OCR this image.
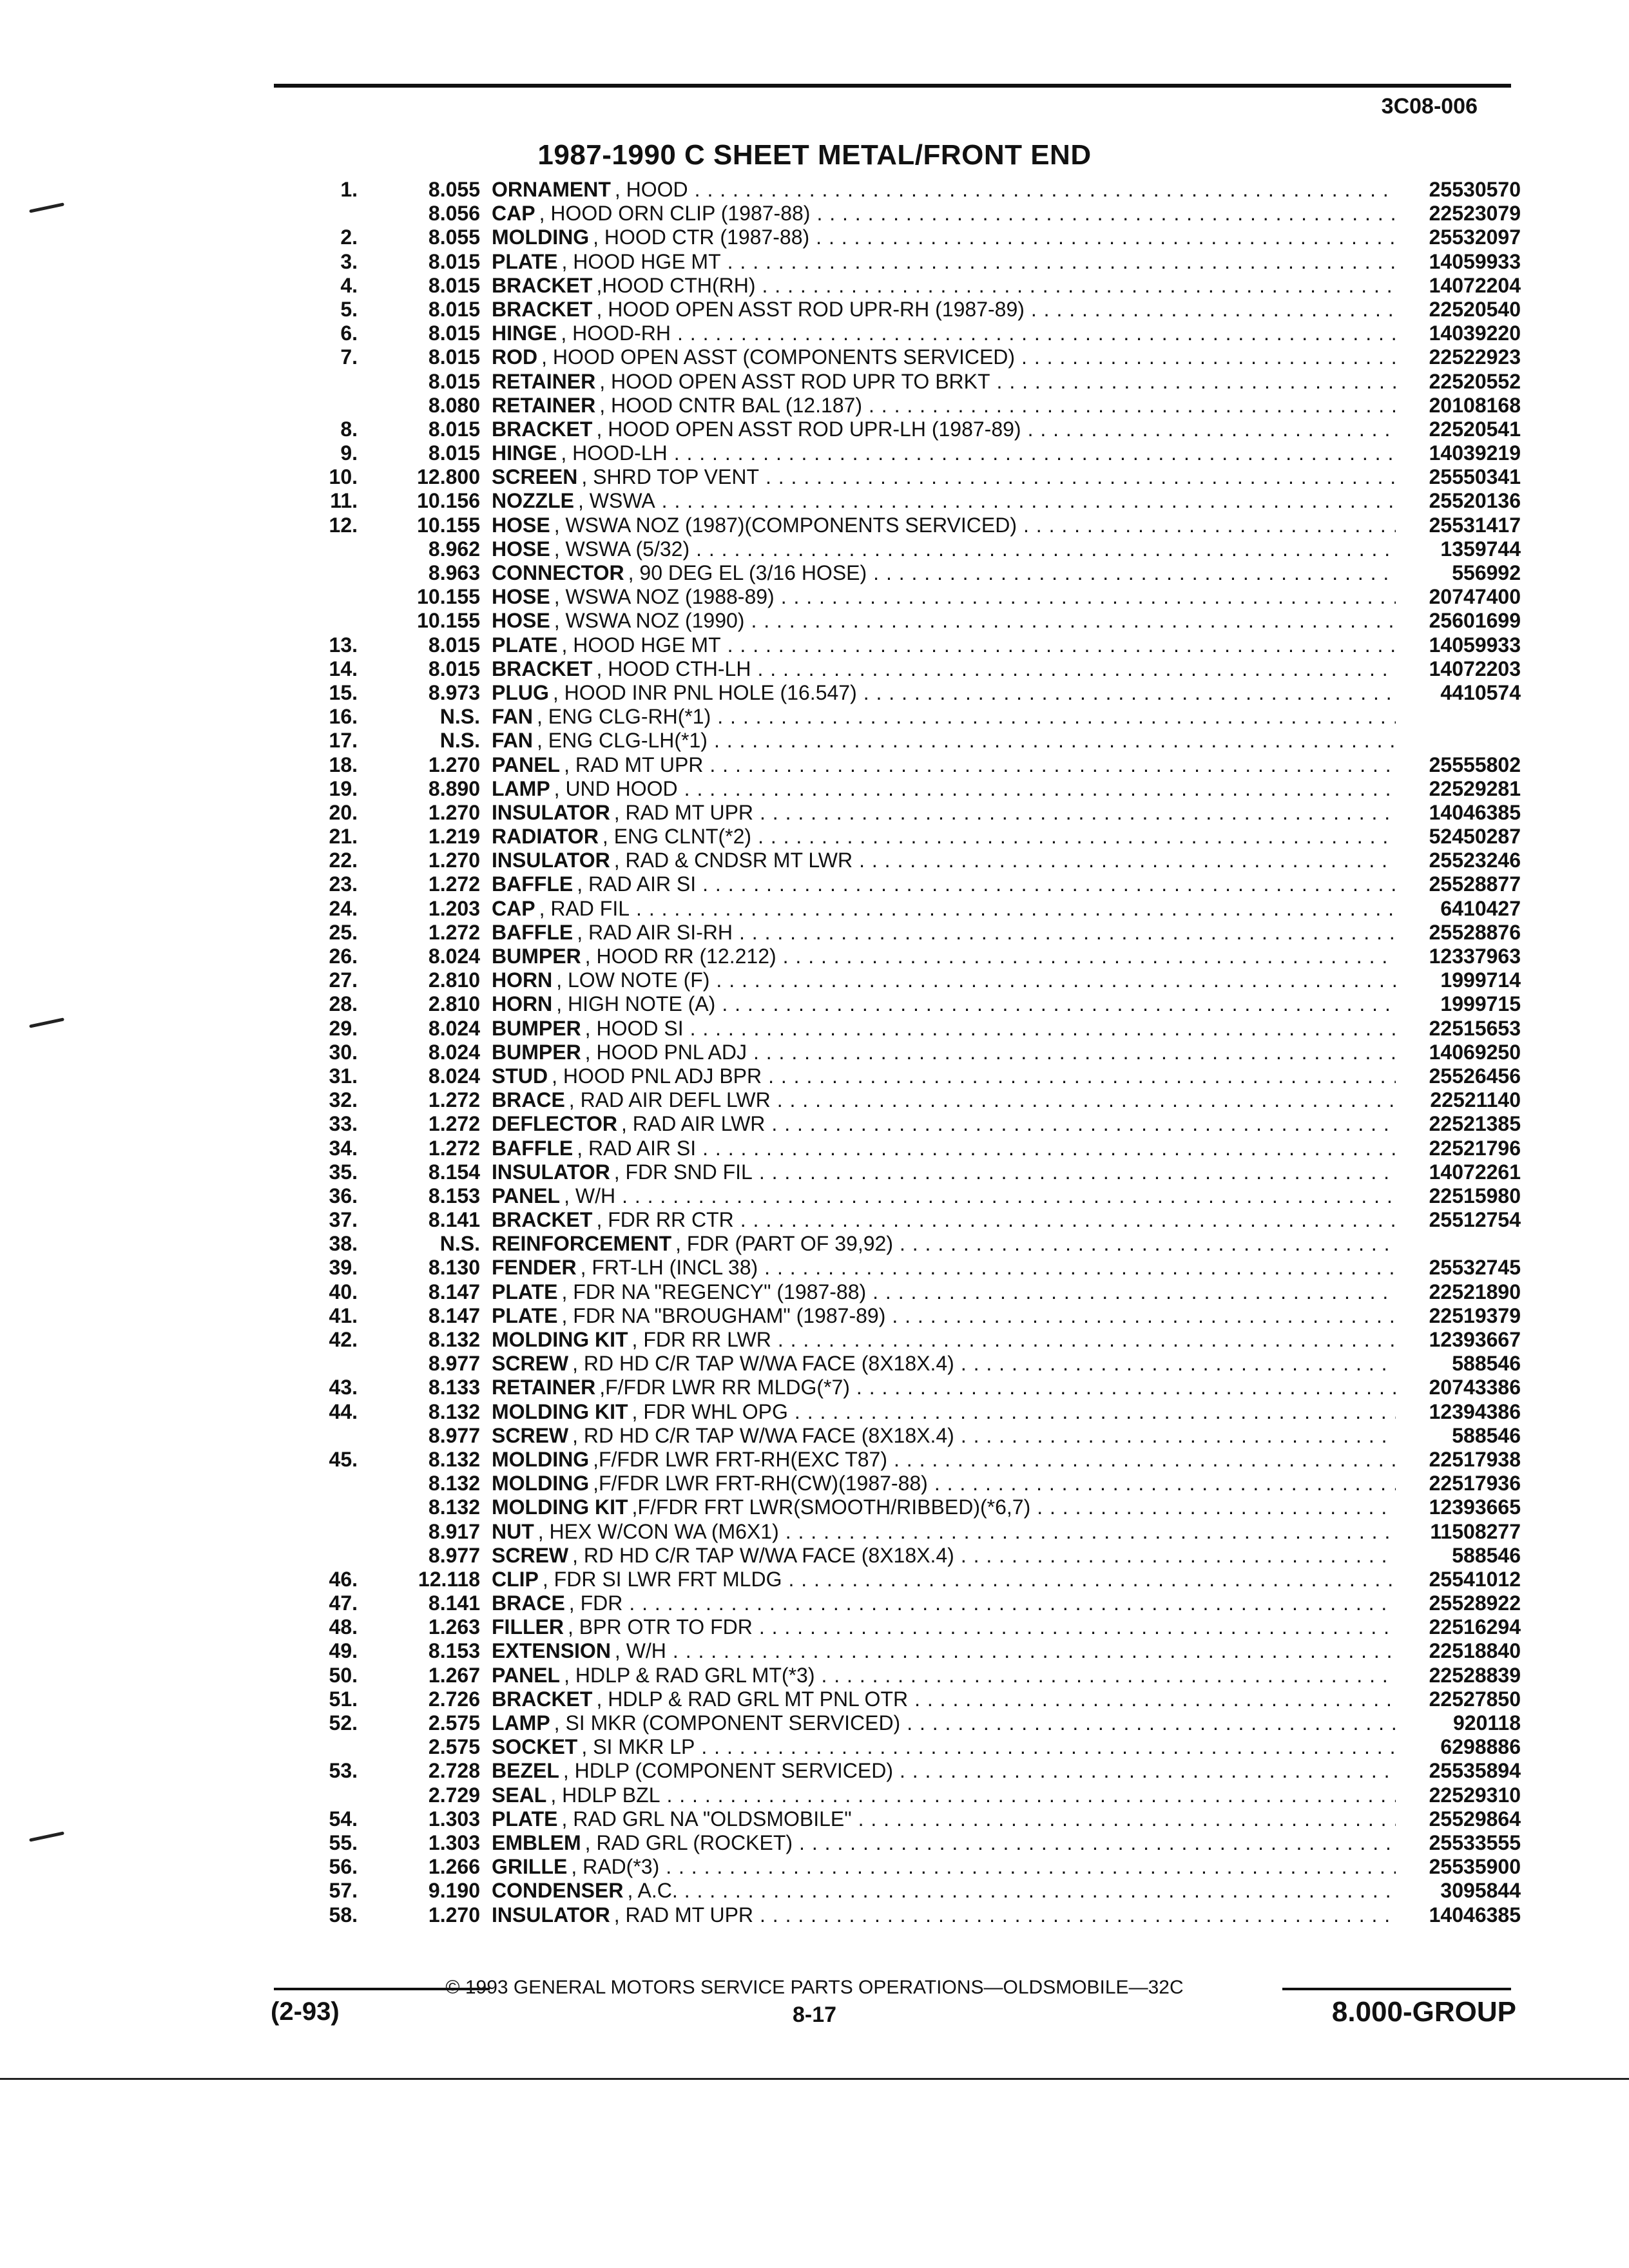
3C08-006
1987-1990 C SHEET METAL/FRONT END
1.	8.055 ORNAMENT , HOOD . . .	25530570
8.056 CAP , HOOD ORN CLIP (1987-88) . . .	22523079
2.	8.055 MOLDING , HOOD CTR (1987-88) . . .	25532097
3.	8.015 PLATE , HOOD HGE MT . . .	14059933
4.	8.015 BRACKET ,HOOD CTH(RH) . . .	14072204
5.	8.015 BRACKET , HOOD OPEN ASST ROD UPR-RH (1987-89) . . .	22520540
6.	8.015 HINGE , HOOD-RH . . .	14039220
7.	8.015 ROD , HOOD OPEN ASST (COMPONENTS SERVICED) . . .	22522923
8.015 RETAINER , HOOD OPEN ASST ROD UPR TO BRKT . . .	22520552
8.080 RETAINER , HOOD CNTR BAL (12.187) . . .	20108168
8.	8.015 BRACKET , HOOD OPEN ASST ROD UPR-LH (1987-89) . . .	22520541
9.	8.015 HINGE , HOOD-LH . . .	14039219
10.	12.800 SCREEN , SHRD TOP VENT . . .	25550341
11.	10.156 NOZZLE , WSWA . . .	25520136
12.	10.155 HOSE , WSWA NOZ (1987)(COMPONENTS SERVICED) . . .	25531417
8.962 HOSE , WSWA (5/32) . . .	1359744
8.963 CONNECTOR , 90 DEG EL (3/16 HOSE) . . .	556992
10.155 HOSE , WSWA NOZ (1988-89) . . .	20747400
10.155 HOSE , WSWA NOZ (1990) . . .	25601699
13.	8.015 PLATE , HOOD HGE MT . . .	14059933
14.	8.015 BRACKET , HOOD CTH-LH . . .	14072203
15.	8.973 PLUG , HOOD INR PNL HOLE (16.547) . . .	4410574
16.	N.S. FAN , ENG CLG-RH(*1)
. . .
17.	N.S. FAN , ENG CLG-LH(*1)
. . .
18.	1.270 PANEL , RAD MT UPR . . .	25555802
19.	8.890 LAMP , UND HOOD . . .	22529281
20.	1.270 INSULATOR , RAD MT UPR . . .	14046385
21.	1.219 RADIATOR , ENG CLNT(*2) . . .	52450287
22.	1.270 INSULATOR , RAD & CNDSR MT LWR . . .	25523246
23.	1.272 BAFFLE , RAD AIR SI . . .	25528877
24.	1.203 CAP , RAD FIL . . .	6410427
25.	1.272 BAFFLE , RAD AIR SI-RH . . .	25528876
26.	8.024 BUMPER , HOOD RR (12.212) . . .	12337963
27.	2.810 HORN , LOW NOTE (F) . . .	1999714
28.	2.810 HORN , HIGH NOTE (A) . . .	1999715
29.	8.024 BUMPER , HOOD SI . . .	22515653
30.	8.024 BUMPER , HOOD PNL ADJ . . .	14069250
31.	8.024 STUD , HOOD PNL ADJ BPR . . .	25526456
32.	1.272 BRACE , RAD AIR DEFL LWR . . .	22521140
33.	1.272 DEFLECTOR , RAD AIR LWR . . .	22521385
34.	1.272 BAFFLE , RAD AIR SI . . .	22521796
35.	8.154 INSULATOR , FDR SND FIL . . .	14072261
36.	8.153 PANEL , W/H . . .	22515980
37.	8.141 BRACKET , FDR RR CTR . . .	25512754
38.	N.S. REINFORCEMENT , FDR (PART OF 39,92)
. . .
39.	8.130 FENDER , FRT-LH (INCL 38) . . .	25532745
40.	8.147 PLATE , FDR NA "REGENCY" (1987-88) . . .	22521890
41.	8.147 PLATE , FDR NA "BROUGHAM" (1987-89) . . .	22519379
42.	8.132 MOLDING KIT , FDR RR LWR . . .	12393667
8.977 SCREW , RD HD C/R TAP W/WA FACE (8X18X.4) . . .	588546
43.	8.133 RETAINER ,F/FDR LWR RR MLDG(*7) . . .	20743386
44.	8.132 MOLDING KIT , FDR WHL OPG . . .	12394386
8.977 SCREW , RD HD C/R TAP W/WA FACE (8X18X.4) . . .	588546
45.	8.132 MOLDING ,F/FDR LWR FRT-RH(EXC T87) . . .	22517938
8.132 MOLDING ,F/FDR LWR FRT-RH(CW)(1987-88) . . .	22517936
8.132 MOLDING KIT ,F/FDR FRT LWR(SMOOTH/RIBBED)(*6,7) . . .	12393665
8.917 NUT , HEX W/CON WA (M6X1) . . .	11508277
8.977 SCREW , RD HD C/R TAP W/WA FACE (8X18X.4) . . .	588546
46.	12.118 CLIP , FDR SI LWR FRT MLDG . . .	25541012
47.	8.141 BRACE , FDR . . .	25528922
48.	1.263 FILLER , BPR OTR TO FDR . . .	22516294
49.	8.153 EXTENSION , W/H . . .	22518840
50.	1.267 PANEL , HDLP & RAD GRL MT(*3) . . .	22528839
51.	2.726 BRACKET , HDLP & RAD GRL MT PNL OTR . . .	22527850
52.	2.575 LAMP , SI MKR (COMPONENT SERVICED) . . .	920118
2.575 SOCKET , SI MKR LP . . .	6298886
53.	2.728 BEZEL , HDLP (COMPONENT SERVICED) . . .	25535894
2.729 SEAL , HDLP BZL . . .	22529310
54.	1.303 PLATE , RAD GRL NA "OLDSMOBILE" . . .	25529864
55.	1.303 EMBLEM , RAD GRL (ROCKET) . . .	25533555
56.	1.266 GRILLE , RAD(*3) . . .	25535900
57.	9.190 CONDENSER , A.C. . . .	3095844
58.	1.270 INSULATOR , RAD MT UPR . . .	14046385
© 1993 GENERAL MOTORS SERVICE PARTS OPERATIONS—OLDSMOBILE—32C
(2-93)	8-17	8.000-GROUP
